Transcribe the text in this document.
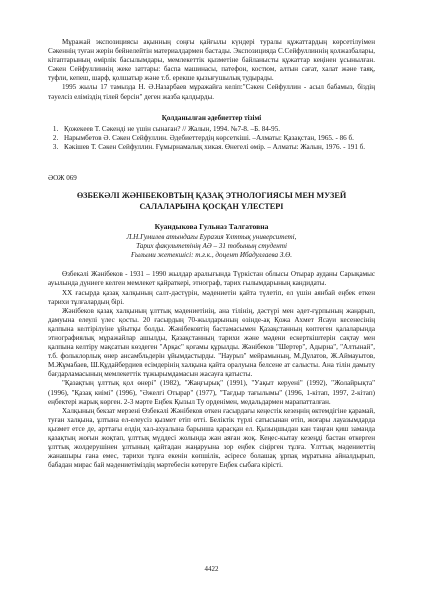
Мұражай экспозициясы ақынның соңғы қайғылы күндері туралы құжаттардың көрсетілуімен Сәкеннің туған жерін бейнелейтін материалдармен бастады. Экспозицияда С.Сейфуллиннің қолжазбалары, кітаптарының өмірлік басылымдары, мемлекеттік қызметіне байланысты құжаттар кеңінен ұсынылған. Сәкен Сейфуллиннің жеке заттары: баспа машинасы, патефон, костюм, алтын сағат, халат және таяқ, туфли, кепеш, шарф, қолшатыр және т.б. ерекше қызығушылық тудырады.

1995 жылы 17 тамызда Н. Ә.Назарбаев мұражайға келіп:"Сәкен Сейфуллин - асыл бабамыз, біздің тәуелсіз еліміздің тілей берсін" деген жазба қалдырды.

Қолданылған әдебиеттер тізімі
1. Қожекеев Т. Сәкенді не үшін сынаған? // Жалын, 1994. №7-8. –Б. 84-95.
2. Нарымбетов Ә. Сәкен Сейфуллин. Әдебиеттердің көрсеткіші. –Алматы: Қазақстан, 1965. - 86 б.
3. Кәкішев Т. Сәкен Сейфуллин. Ғұмырнамалық хикая. Өнегелі өмір. – Алматы: Жалын, 1976. - 191 б.
ӘОЖ 069
ӨЗБЕКӘЛІ ЖӘНІБЕКОВТЫҢ ҚАЗАҚ ЭТНОЛОГИЯСЫ МЕН МУЗЕЙ САЛАЛАРЫНА ҚОСҚАН ҮЛЕСТЕРІ
Куандыкова Гульназ Талгатовна
Л.Н.Гумилев атындағы Еуразия Ұлттық университеті,
Тарих факультетінің АӘ – 31 тобының студенті
Ғылыми жетекшісі: т.ғ.к., доцент Ибадуллаева З.Ө.

Өзбекәлі Жәнібеков - 1931 – 1990 жылдар аралығында Түркістан облысы Отырар ауданы Сарықамыс ауылында дүниеге келген мемлекет қайраткері, этнограф, тарих ғылымдарының кандидаты.

ХХ ғасырда қазақ халқының салт-дәстүрін, мәдениетін қайта түлетіп, ел үшін аянбай еңбек еткен тарихи тұлғалардың бірі.

Жәнібеков қазақ халқының ұлттық мәдениетінің, ана тілінің, дәстүрі мен әдет-ғұрпының жаңарып, дамуына елеулі үлес қосты. 20 ғасырдың 70-жылдарының өзінде-ақ Қожа Ахмет Ясауи кесенесінің қалпына келтірілуіне ұйытқы болды. Жәнібековтің бастамасымен Қазақстанның көптеген қалаларында этнографиялық мұражайлар ашылды, Қазақстанның тарихи және мәдени ескерткіштерін сақтау мен қалпына келтіру мақсатын көздеген "Арқас" қоғамы құрылды. Жәнібеков "Шертер", Адырна", "Алтынай", т.б. фольклорлық өнер ансамбльдерін ұйымдастырды. "Наурыз" мейрамының, М.Дулатов, Ж.Аймауытов, М.Жұмабаев, Ш.Құдайбердиев есімдерінің халқына қайта оралуына белсене ат салысты. Ана тілін дамыту бағдарламасының мемлекеттік тұжырымдамасын жасауға қатысты.

"Қазақтың ұлттық қол өнері" (1982), "Жаңғырық" (1991), "Уақыт керуені" (1992), "Жолайрықта" (1996), "Қазақ киімі" (1996), "Әжелгі Отырар" (1977), "Тағдыр тағылымы" (1996, 1-кітап, 1997, 2-кітап) еңбектері жарық көрген. 2-3 мәрте Еңбек Қызыл Ту орденімен, медальдармен марапатталған.

Халқының бекзат мерзені Өзбекәлі Жәнібеков өткен ғасырдағы кеңестік кезеңнің өктемдігіне қарамай, туған халқына, ұлтына ел-елеусіз қызмет етіп өтті. Беліктік түрлі сатысынан өтіп, жоғары лауазымдарда қызмет етсе де, арттағы елдің хал-ахуалына барынша қарасқан ел. Қызыңшыдан кан таңған қиш заманда қазақтың жоғын жоқтап, ұлттық мүддесі жолында жан аяған жоқ. Кеңес-кытау кезеңді бастан өткерген ұлттық жолдерушінен ұлтының қайтадан жаңаруына зор еңбек сіңірген тұлға. Ұлттық мәдениеттің жанашыры ғана емес, тарихи тұлға екенін көпшілік, әсіресе болашақ ұрпақ мұратына айналдырып, бабадан мирас бай мәдениетіміздің мәртебесін көтеруге Еңбек сыбаға кірісті.

4422
